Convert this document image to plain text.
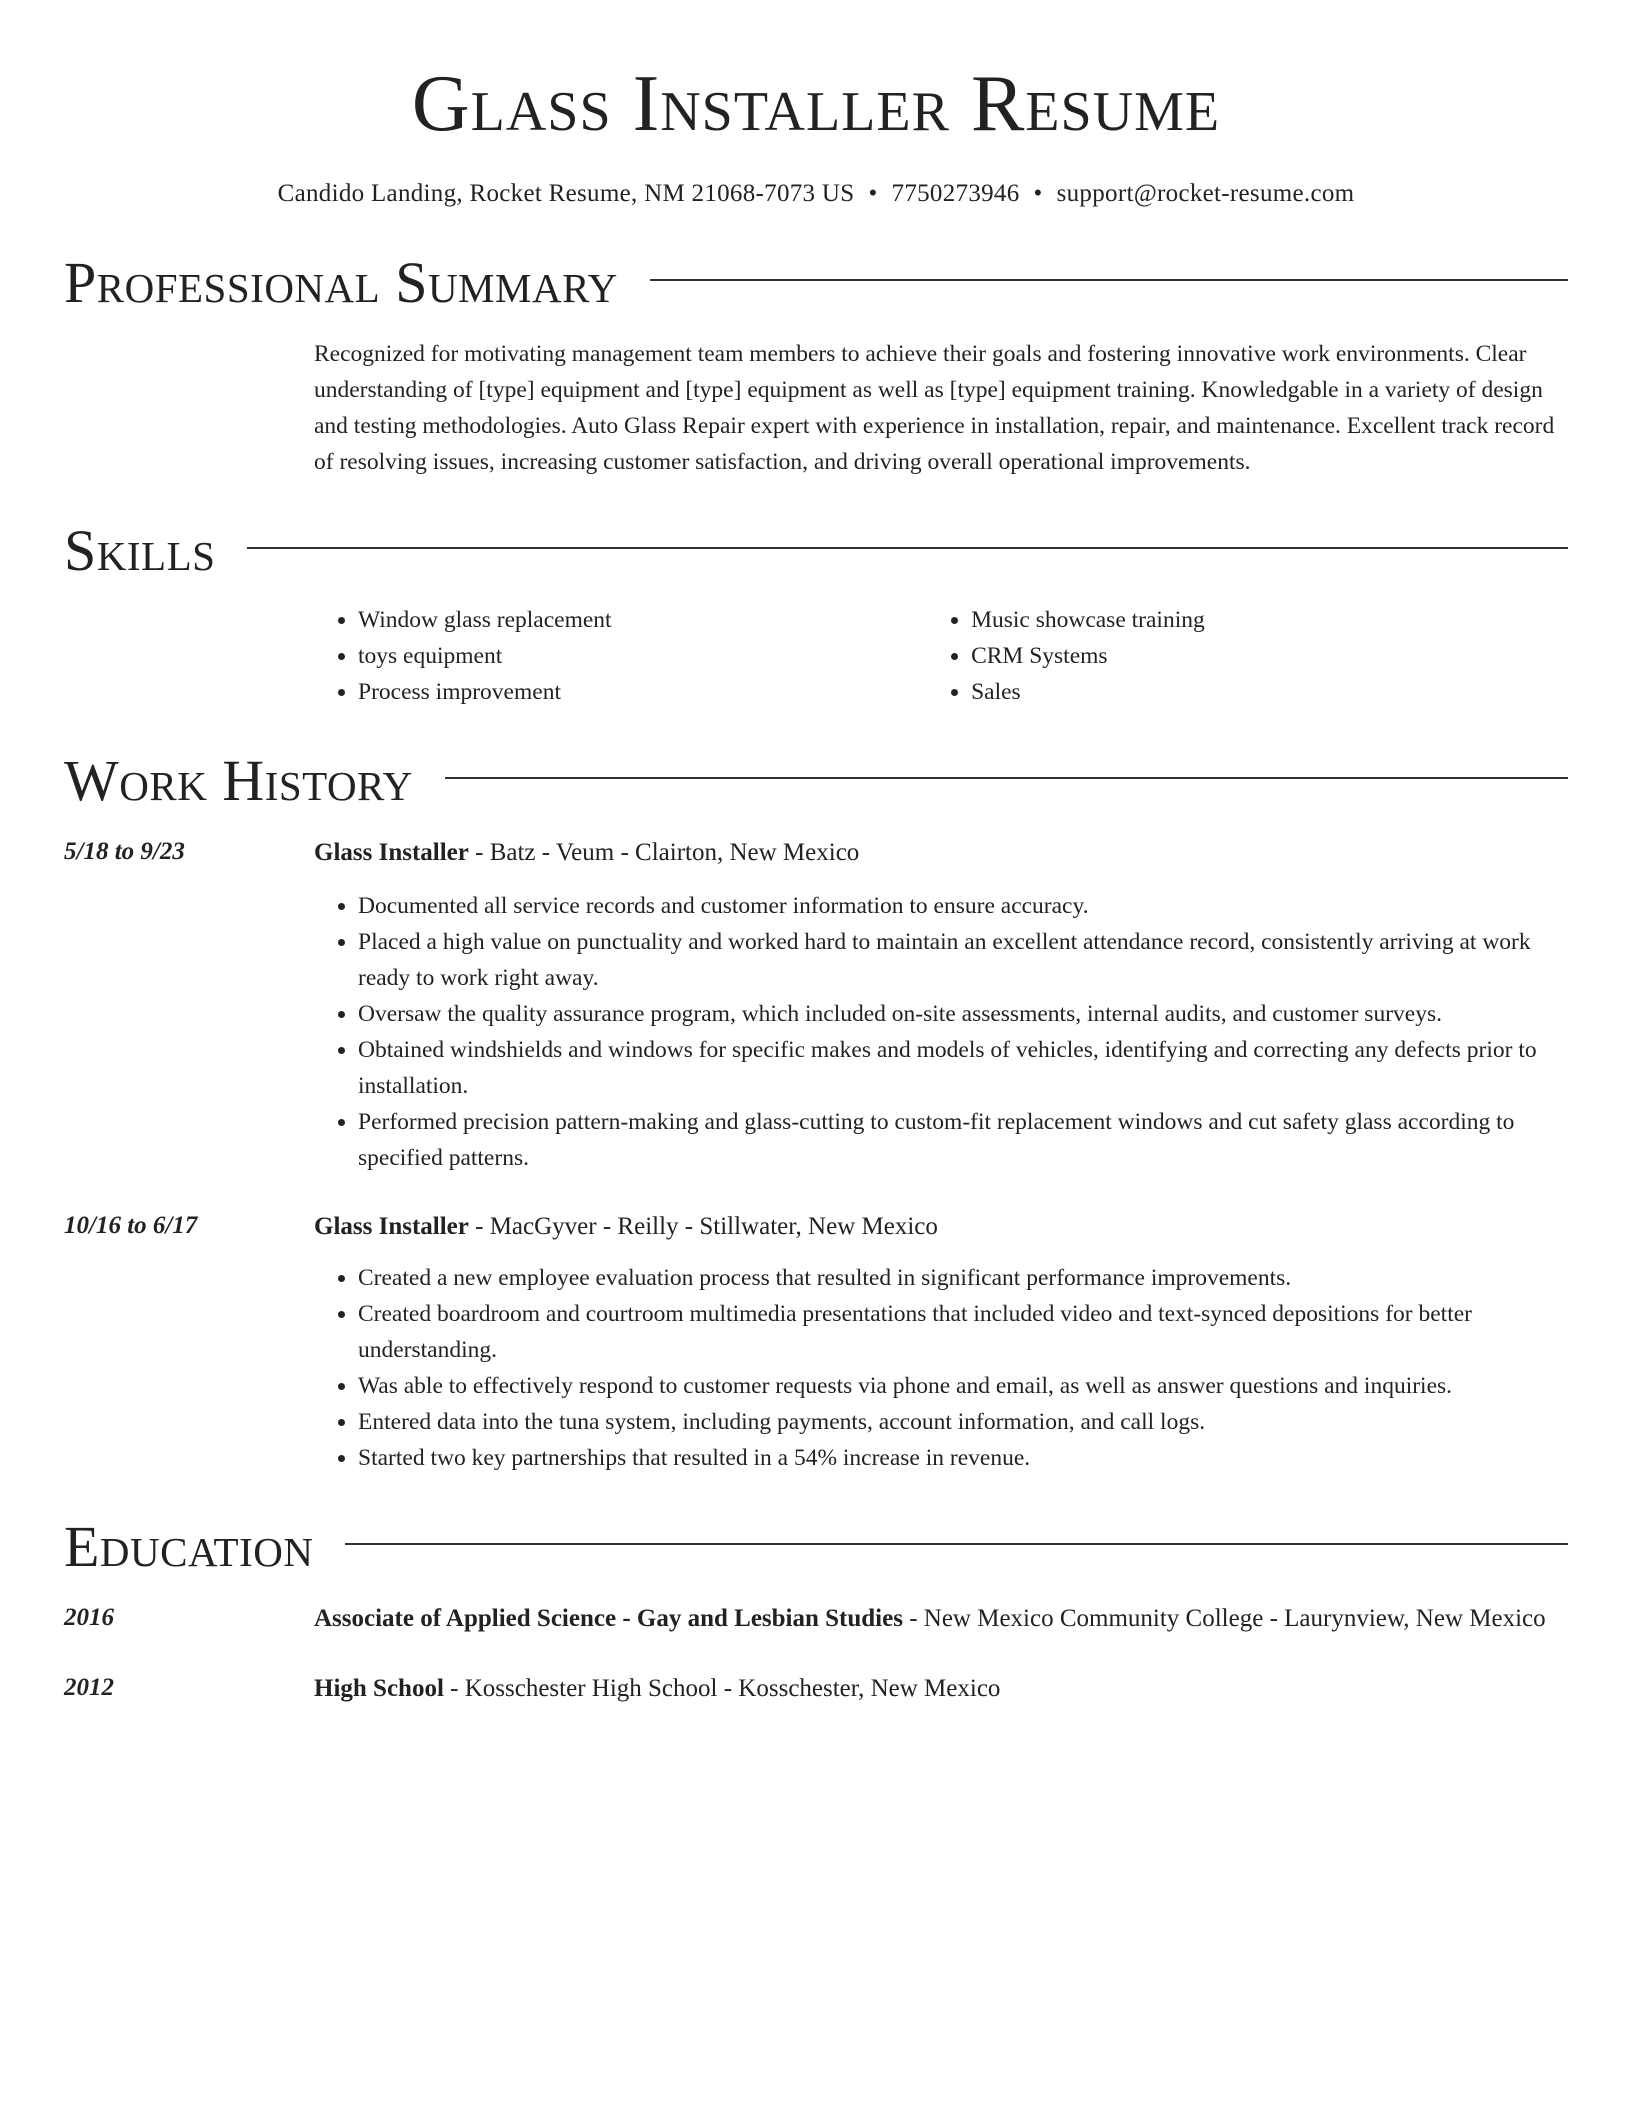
Glass Installer Resume
Candido Landing, Rocket Resume, NM 21068-7073 US • 7750273946 • support@rocket-resume.com
Professional Summary
Recognized for motivating management team members to achieve their goals and fostering innovative work environments. Clear understanding of [type] equipment and [type] equipment as well as [type] equipment training. Knowledgable in a variety of design and testing methodologies. Auto Glass Repair expert with experience in installation, repair, and maintenance. Excellent track record of resolving issues, increasing customer satisfaction, and driving overall operational improvements.
Skills
• Window glass replacement
• toys equipment
• Process improvement
• Music showcase training
• CRM Systems
• Sales
Work History
5/18 to 9/23	Glass Installer - Batz - Veum - Clairton, New Mexico
• Documented all service records and customer information to ensure accuracy.
• Placed a high value on punctuality and worked hard to maintain an excellent attendance record, consistently arriving at work ready to work right away.
• Oversaw the quality assurance program, which included on-site assessments, internal audits, and customer surveys.
• Obtained windshields and windows for specific makes and models of vehicles, identifying and correcting any defects prior to installation.
• Performed precision pattern-making and glass-cutting to custom-fit replacement windows and cut safety glass according to specified patterns.
10/16 to 6/17	Glass Installer - MacGyver - Reilly - Stillwater, New Mexico
• Created a new employee evaluation process that resulted in significant performance improvements.
• Created boardroom and courtroom multimedia presentations that included video and text-synced depositions for better understanding.
• Was able to effectively respond to customer requests via phone and email, as well as answer questions and inquiries.
• Entered data into the tuna system, including payments, account information, and call logs.
• Started two key partnerships that resulted in a 54% increase in revenue.
Education
2016	Associate of Applied Science - Gay and Lesbian Studies - New Mexico Community College - Laurynview, New Mexico
2012	High School - Kosschester High School - Kosschester, New Mexico
